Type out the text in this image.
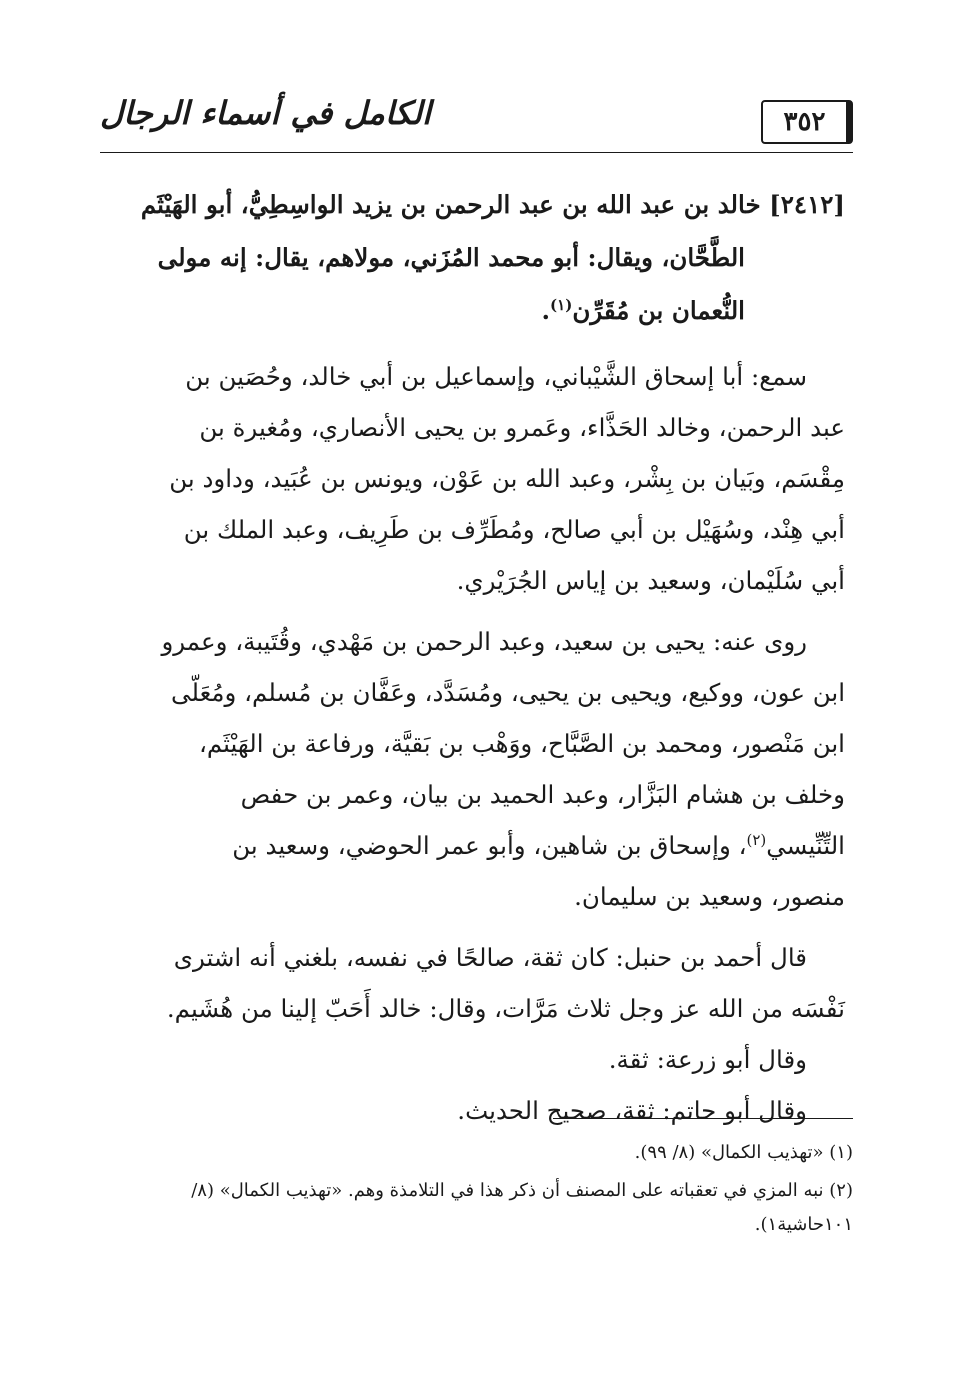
٣٥٢
الكامل في أسماء الرجال
[٢٤١٢] خالد بن عبد الله بن عبد الرحمن بن يزيد الواسِطِيُّ، أبو الهَيْثَم
الطَّحَّان، ويقال: أبو محمد المُزَني، مولاهم، يقال: إنه مولى
النُّعمان بن مُقَرِّن$^{(١)}$.

سمع: أبا إسحاق الشَّيْباني، وإسماعيل بن أبي خالد، وحُصَين بن
عبد الرحمن، وخالد الحَذَّاء، وعَمرو بن يحيى الأنصاري، ومُغيرة بن
مِقْسَم، وبَيان بن بِشْر، وعبد الله بن عَوْن، ويونس بن عُبَيد، وداود بن
أبي هِنْد، وسُهَيْل بن أبي صالح، ومُطَرِّف بن طَرِيف، وعبد الملك بن
أبي سُلَيْمان، وسعيد بن إياس الجُرَيْري.

روى عنه: يحيى بن سعيد، وعبد الرحمن بن مَهْدي، وقُتَيبة، وعمرو
ابن عون، ووكيع، ويحيى بن يحيى، ومُسَدَّد، وعَفَّان بن مُسلم، ومُعَلّى
ابن مَنْصور، ومحمد بن الصَّبَّاح، ووَهْب بن بَقيَّة، ورفاعة بن الهَيْثَم،
وخلف بن هشام البَزَّار، وعبد الحميد بن بيان، وعمر بن حفص
التِّنِّيسي$^{(٢)}$، وإسحاق بن شاهين، وأبو عمر الحوضي، وسعيد بن
منصور، وسعيد بن سليمان.

قال أحمد بن حنبل: كان ثقة، صالحًا في نفسه، بلغني أنه اشترى
نَفْسَه من الله عز وجل ثلاث مَرَّات، وقال: خالد أَحَبّ إلينا من هُشَيم.

وقال أبو زرعة: ثقة.

وقال أبو حاتم: ثقة، صحيح الحديث.

(١) «تهذيب الكمال» (٨/ ٩٩).

(٢) نبه المزي في تعقباته على المصنف أن ذكر هذا في التلامذة وهم. «تهذيب الكمال» (٨/
١٠١حاشية١).
